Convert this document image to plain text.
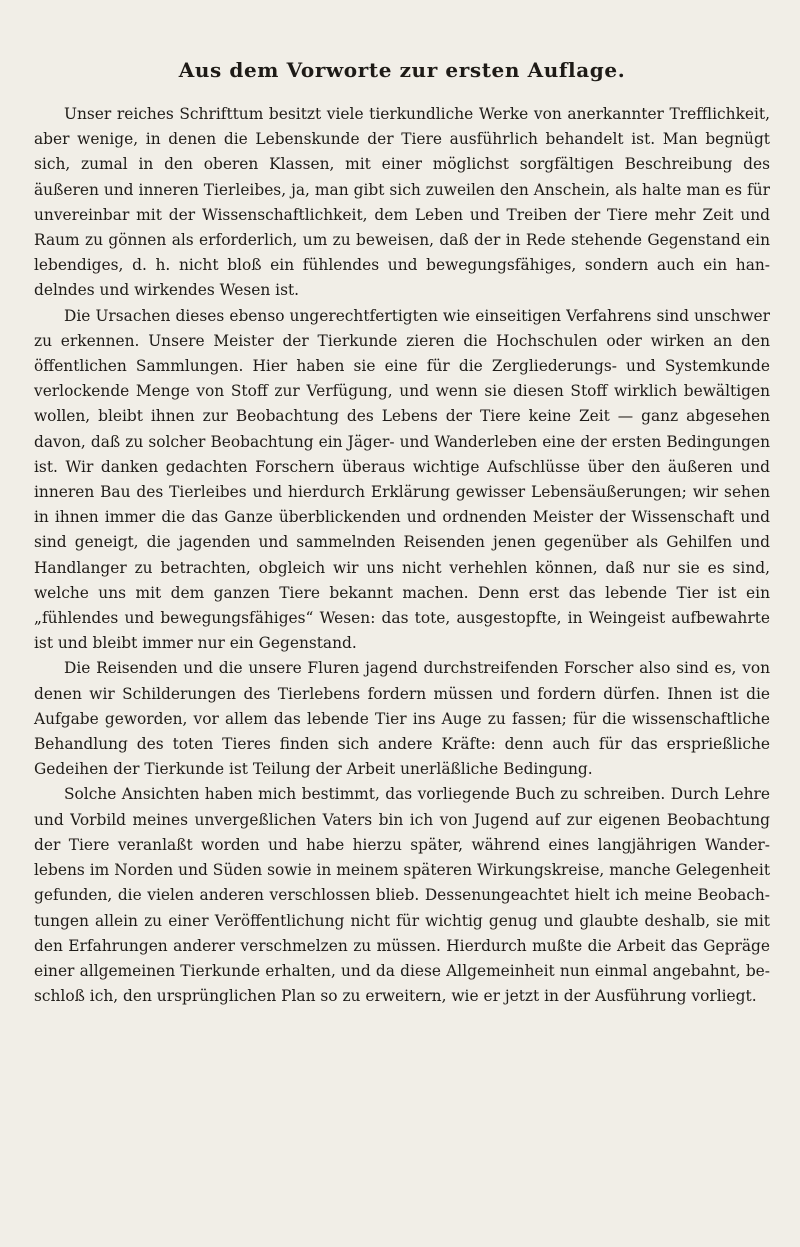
Aus dem Vorworte zur ersten Auflage.

Unser reiches Schrifttum besitzt viele tierkundliche Werke von anerkannter Trefflichkeit, aber wenige, in denen die Lebenskunde der Tiere ausführlich behandelt ist. Man begnügt sich, zumal in den oberen Klassen, mit einer möglichst sorgfältigen Beschreibung des äußeren und inneren Tierleibes, ja, man gibt sich zuweilen den Anschein, als halte man es für unvereinbar mit der Wissenschaftlichkeit, dem Leben und Treiben der Tiere mehr Zeit und Raum zu gönnen als erforderlich, um zu beweisen, daß der in Rede stehende Gegenstand ein lebendiges, d. h. nicht bloß ein fühlendes und bewegungsfähiges, sondern auch ein handelndes und wirkendes Wesen ist.

Die Ursachen dieses ebenso ungerechtfertigten wie einseitigen Verfahrens sind unschwer zu erkennen. Unsere Meister der Tierkunde zieren die Hochschulen oder wirken an den öffentlichen Sammlungen. Hier haben sie eine für die Zergliederungs- und Systemkunde verlockende Menge von Stoff zur Verfügung, und wenn sie diesen Stoff wirklich bewältigen wollen, bleibt ihnen zur Beobachtung des Lebens der Tiere keine Zeit — ganz abgesehen davon, daß zu solcher Beobachtung ein Jäger- und Wanderleben eine der ersten Bedingungen ist. Wir danken gedachten Forschern überaus wichtige Aufschlüsse über den äußeren und inneren Bau des Tierleibes und hierdurch Erklärung gewisser Lebensäußerungen; wir sehen in ihnen immer die das Ganze überblickenden und ordnenden Meister der Wissenschaft und sind geneigt, die jagenden und sammelnden Reisenden jenen gegenüber als Gehilfen und Handlanger zu betrachten, obgleich wir uns nicht verhehlen können, daß nur sie es sind, welche uns mit dem ganzen Tiere bekannt machen. Denn erst das lebende Tier ist ein „fühlendes und bewegungsfähiges“ Wesen: das tote, ausgestopfte, in Weingeist aufbewahrte ist und bleibt immer nur ein Gegenstand.

Die Reisenden und die unsere Fluren jagend durchstreifenden Forscher also sind es, von denen wir Schilderungen des Tierlebens fordern müssen und fordern dürfen. Ihnen ist die Aufgabe geworden, vor allem das lebende Tier ins Auge zu fassen; für die wissenschaftliche Behandlung des toten Tieres finden sich andere Kräfte: denn auch für das ersprießliche Gedeihen der Tierkunde ist Teilung der Arbeit unerläßliche Bedingung.

Solche Ansichten haben mich bestimmt, das vorliegende Buch zu schreiben. Durch Lehre und Vorbild meines unvergeßlichen Vaters bin ich von Jugend auf zur eigenen Beobachtung der Tiere veranlaßt worden und habe hierzu später, während eines langjährigen Wanderlebens im Norden und Süden sowie in meinem späteren Wirkungskreise, manche Gelegenheit gefunden, die vielen anderen verschlossen blieb. Dessenungeachtet hielt ich meine Beobachtungen allein zu einer Veröffentlichung nicht für wichtig genug und glaubte deshalb, sie mit den Erfahrungen anderer verschmelzen zu müssen. Hierdurch mußte die Arbeit das Gepräge einer allgemeinen Tierkunde erhalten, und da diese Allgemeinheit nun einmal angebahnt, beschloß ich, den ursprünglichen Plan so zu erweitern, wie er jetzt in der Ausführung vorliegt.
